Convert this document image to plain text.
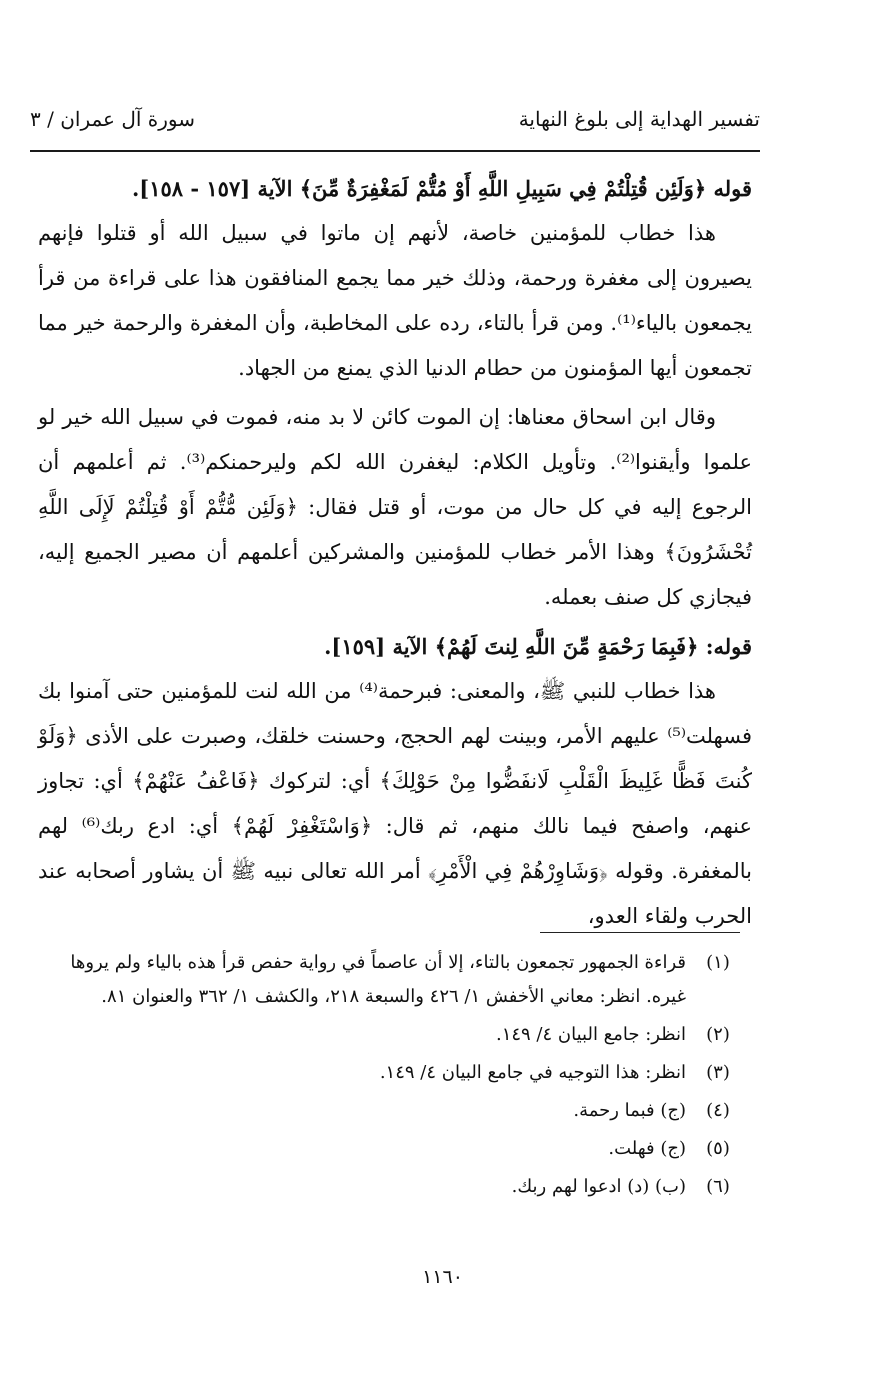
تفسير الهداية إلى بلوغ النهاية
سورة آل عمران / ٣

قوله ﴿وَلَئِن قُتِلْتُمْ فِي سَبِيلِ اللَّهِ أَوْ مُتُّمْ لَمَغْفِرَةٌ مِّنَ﴾ الآية [١٥٧ - ١٥٨].

هذا خطاب للمؤمنين خاصة، لأنهم إن ماتوا في سبيل الله أو قتلوا فإنهم يصيرون إلى مغفرة ورحمة، وذلك خير مما يجمع المنافقون هذا على قراءة من قرأ يجمعون بالياء⁽¹⁾. ومن قرأ بالتاء، رده على المخاطبة، وأن المغفرة والرحمة خير مما تجمعون أيها المؤمنون من حطام الدنيا الذي يمنع من الجهاد.

وقال ابن اسحاق معناها: إن الموت كائن لا بد منه، فموت في سبيل الله خير لو علموا وأيقنوا⁽²⁾. وتأويل الكلام: ليغفرن الله لكم وليرحمنكم⁽³⁾. ثم أعلمهم أن الرجوع إليه في كل حال من موت، أو قتل فقال: ﴿وَلَئِن مُّتُّمْ أَوْ قُتِلْتُمْ لَإِلَى اللَّهِ تُحْشَرُونَ﴾ وهذا الأمر خطاب للمؤمنين والمشركين أعلمهم أن مصير الجميع إليه، فيجازي كل صنف بعمله.

قوله: ﴿فَبِمَا رَحْمَةٍ مِّنَ اللَّهِ لِنتَ لَهُمْ﴾ الآية [١٥٩].

هذا خطاب للنبي ﷺ، والمعنى: فبرحمة⁽⁴⁾ من الله لنت للمؤمنين حتى آمنوا بك فسهلت⁽⁵⁾ عليهم الأمر، وبينت لهم الحجج، وحسنت خلقك، وصبرت على الأذى ﴿وَلَوْ كُنتَ فَظًّا غَلِيظَ الْقَلْبِ لَانفَضُّوا مِنْ حَوْلِكَ﴾ أي: لتركوك ﴿فَاعْفُ عَنْهُمْ﴾ أي: تجاوز عنهم، واصفح فيما نالك منهم، ثم قال: ﴿وَاسْتَغْفِرْ لَهُمْ﴾ أي: ادع ربك⁽⁶⁾ لهم بالمغفرة. وقوله ﴿وَشَاوِرْهُمْ فِي الْأَمْرِ﴾ أمر الله تعالى نبيه ﷺ أن يشاور أصحابه عند الحرب ولقاء العدو،

(١)
قراءة الجمهور تجمعون بالتاء، إلا أن عاصماً في رواية حفص قرأ هذه بالياء ولم يروها غيره. انظر: معاني الأخفش ١/ ٤٢٦ والسبعة ٢١٨، والكشف ١/ ٣٦٢ والعنوان ٨١.
(٢)
انظر: جامع البيان ٤/ ١٤٩.
(٣)
انظر: هذا التوجيه في جامع البيان ٤/ ١٤٩.
(٤)
(ج) فبما رحمة.
(٥)
(ج) فهلت.
(٦)
(ب) (د) ادعوا لهم ربك.
١١٦٠
